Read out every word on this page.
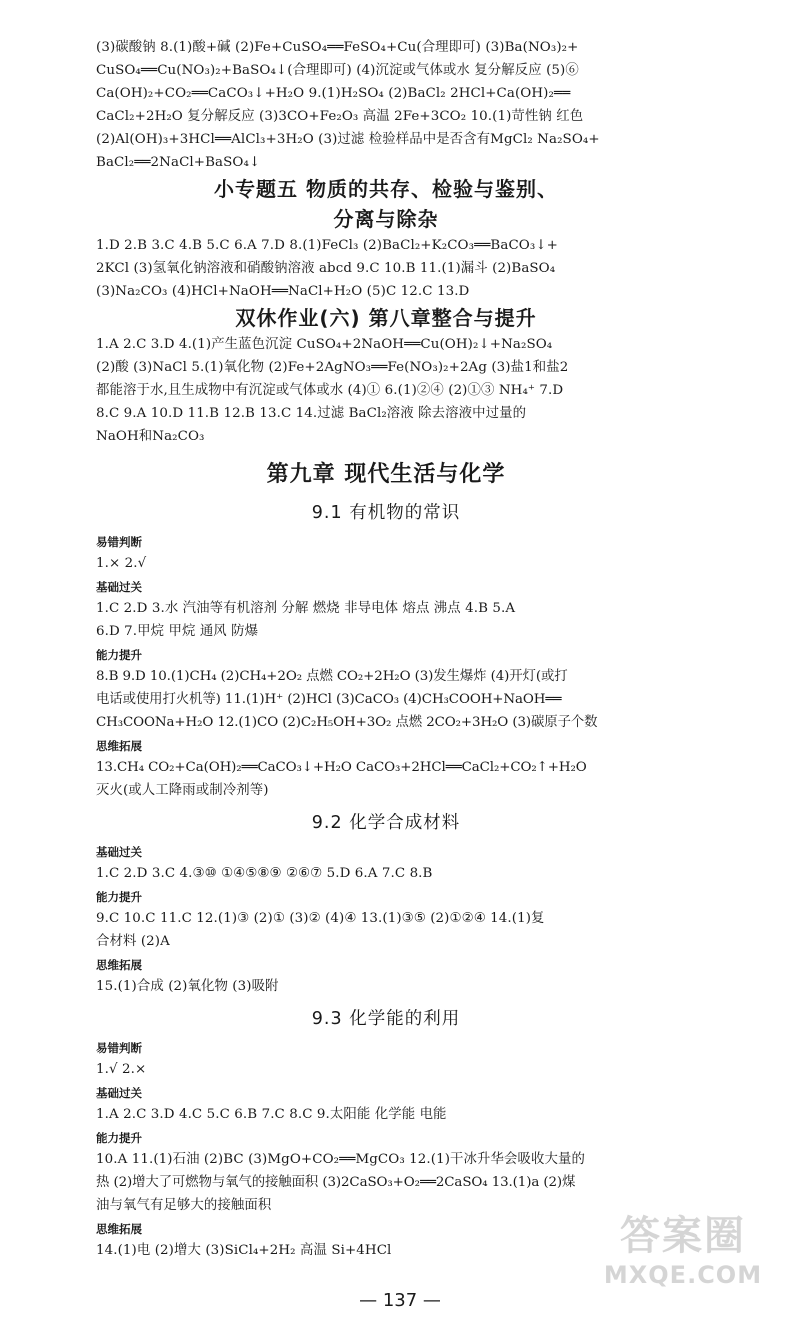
(3)碳酸钠 8.(1)酸+碱 (2)Fe+CuSO₄══FeSO₄+Cu(合理即可) (3)Ba(NO₃)₂+
CuSO₄══Cu(NO₃)₂+BaSO₄↓(合理即可) (4)沉淀或气体或水 复分解反应 (5)⑥
Ca(OH)₂+CO₂══CaCO₃↓+H₂O 9.(1)H₂SO₄ (2)BaCl₂ 2HCl+Ca(OH)₂══
CaCl₂+2H₂O 复分解反应 (3)3CO+Fe₂O₃ 高温 2Fe+3CO₂ 10.(1)苛性钠 红色
(2)Al(OH)₃+3HCl══AlCl₃+3H₂O (3)过滤 检验样品中是否含有MgCl₂ Na₂SO₄+
BaCl₂══2NaCl+BaSO₄↓
小专题五 物质的共存、检验与鉴别、
分离与除杂
1.D 2.B 3.C 4.B 5.C 6.A 7.D 8.(1)FeCl₃ (2)BaCl₂+K₂CO₃══BaCO₃↓+
2KCl (3)氢氧化钠溶液和硝酸钠溶液 abcd 9.C 10.B 11.(1)漏斗 (2)BaSO₄
(3)Na₂CO₃ (4)HCl+NaOH══NaCl+H₂O (5)C 12.C 13.D
双休作业(六) 第八章整合与提升
1.A 2.C 3.D 4.(1)产生蓝色沉淀 CuSO₄+2NaOH══Cu(OH)₂↓+Na₂SO₄
(2)酸 (3)NaCl 5.(1)氧化物 (2)Fe+2AgNO₃══Fe(NO₃)₂+2Ag (3)盐1和盐2
都能溶于水,且生成物中有沉淀或气体或水 (4)① 6.(1)②④ (2)①③ NH₄⁺ 7.D
8.C 9.A 10.D 11.B 12.B 13.C 14.过滤 BaCl₂溶液 除去溶液中过量的
NaOH和Na₂CO₃
第九章 现代生活与化学
9.1 有机物的常识
易错判断
1.× 2.√
基础过关
1.C 2.D 3.水 汽油等有机溶剂 分解 燃烧 非导电体 熔点 沸点 4.B 5.A
6.D 7.甲烷 甲烷 通风 防爆
能力提升
8.B 9.D 10.(1)CH₄ (2)CH₄+2O₂ 点燃 CO₂+2H₂O (3)发生爆炸 (4)开灯(或打
电话或使用打火机等) 11.(1)H⁺ (2)HCl (3)CaCO₃ (4)CH₃COOH+NaOH══
CH₃COONa+H₂O 12.(1)CO (2)C₂H₅OH+3O₂ 点燃 2CO₂+3H₂O (3)碳原子个数
思维拓展
13.CH₄ CO₂+Ca(OH)₂══CaCO₃↓+H₂O CaCO₃+2HCl══CaCl₂+CO₂↑+H₂O
灭火(或人工降雨或制冷剂等)
9.2 化学合成材料
基础过关
1.C 2.D 3.C 4.③⑩ ①④⑤⑧⑨ ②⑥⑦ 5.D 6.A 7.C 8.B
能力提升
9.C 10.C 11.C 12.(1)③ (2)① (3)② (4)④ 13.(1)③⑤ (2)①②④ 14.(1)复
合材料 (2)A
思维拓展
15.(1)合成 (2)氧化物 (3)吸附
9.3 化学能的利用
易错判断
1.√ 2.×
基础过关
1.A 2.C 3.D 4.C 5.C 6.B 7.C 8.C 9.太阳能 化学能 电能
能力提升
10.A 11.(1)石油 (2)BC (3)MgO+CO₂══MgCO₃ 12.(1)干冰升华会吸收大量的
热 (2)增大了可燃物与氧气的接触面积 (3)2CaSO₃+O₂══2CaSO₄ 13.(1)a (2)煤
油与氧气有足够大的接触面积
思维拓展
14.(1)电 (2)增大 (3)SiCl₄+2H₂ 高温 Si+4HCl
— 137 —
答案圈
MXQE.COM
